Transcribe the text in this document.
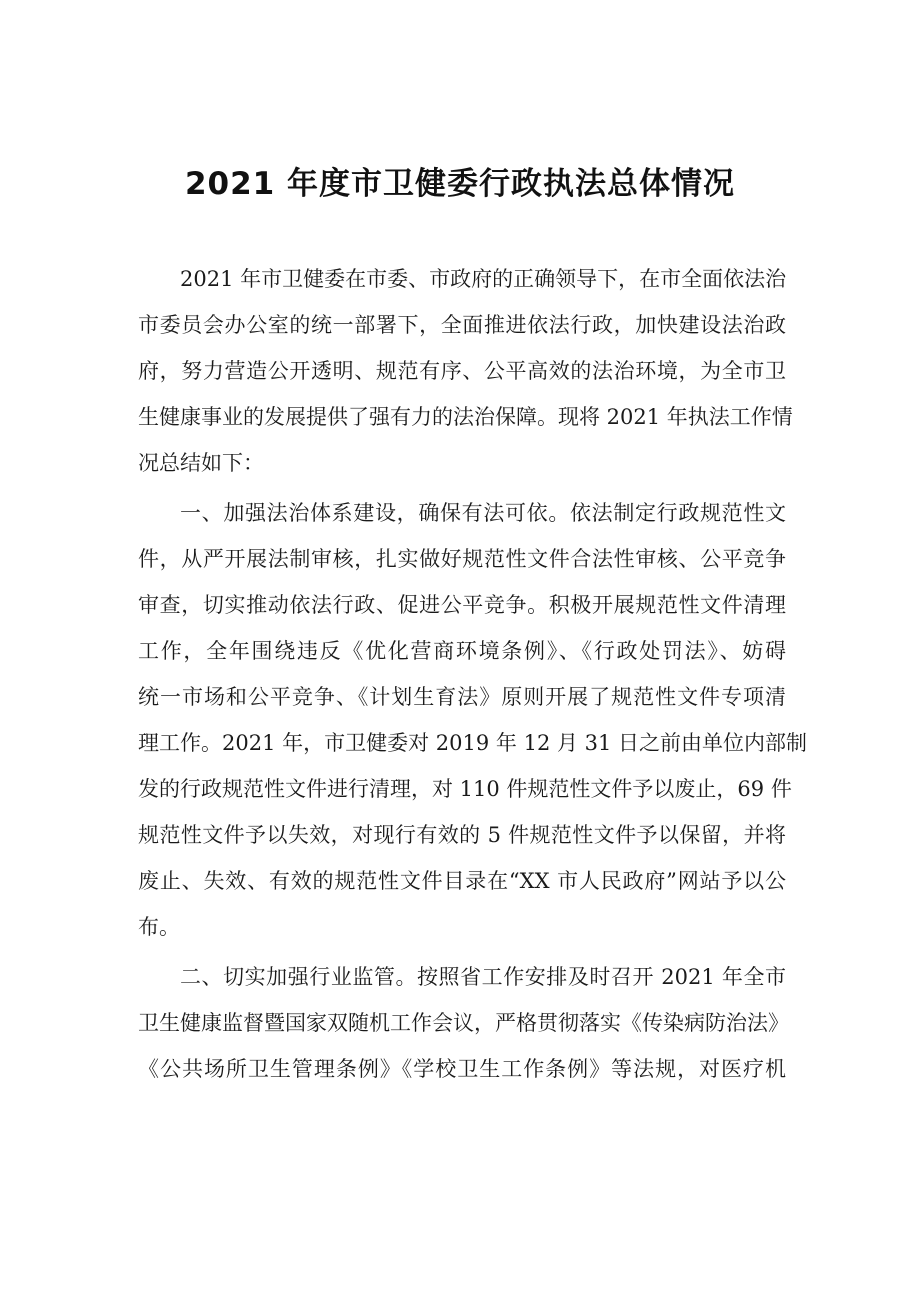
2021 年度市卫健委行政执法总体情况
2021 年市卫健委在市委、市政府的正确领导下，在市全面依法治
市委员会办公室的统一部署下，全面推进依法行政，加快建设法治政
府，努力营造公开透明、规范有序、公平高效的法治环境，为全市卫
生健康事业的发展提供了强有力的法治保障。现将 2021 年执法工作情
况总结如下：
一、加强法治体系建设，确保有法可依。依法制定行政规范性文
件，从严开展法制审核，扎实做好规范性文件合法性审核、公平竞争
审查，切实推动依法行政、促进公平竞争。积极开展规范性文件清理
工作，全年围绕违反《优化营商环境条例》、《行政处罚法》、妨碍
统一市场和公平竞争、《计划生育法》原则开展了规范性文件专项清
理工作。2021 年，市卫健委对 2019 年 12 月 31 日之前由单位内部制
发的行政规范性文件进行清理，对 110 件规范性文件予以废止，69 件
规范性文件予以失效，对现行有效的 5 件规范性文件予以保留，并将
废止、失效、有效的规范性文件目录在“XX 市人民政府”网站予以公
布。
二、切实加强行业监管。按照省工作安排及时召开 2021 年全市
卫生健康监督暨国家双随机工作会议，严格贯彻落实《传染病防治法》
《公共场所卫生管理条例》《学校卫生工作条例》等法规，对医疗机
